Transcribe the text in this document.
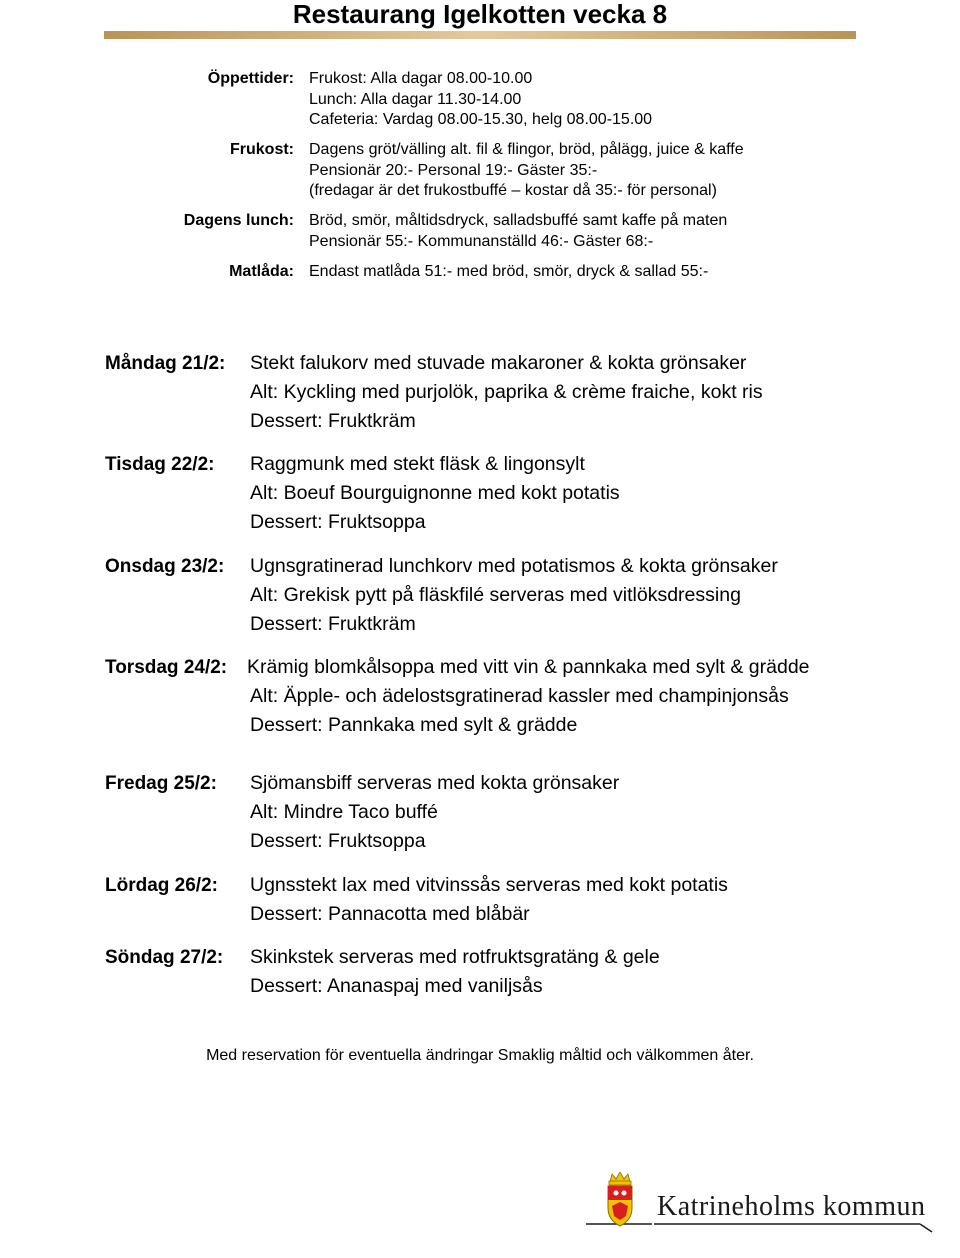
Restaurang Igelkotten vecka 8
Öppettider: Frukost: Alla dagar 08.00-10.00
Lunch: Alla dagar 11.30-14.00
Cafeteria: Vardag 08.00-15.30, helg 08.00-15.00
Frukost: Dagens gröt/välling alt. fil & flingor, bröd, pålägg, juice & kaffe
Pensionär 20:- Personal 19:- Gäster 35:-
(fredagar är det frukostbuffé – kostar då 35:- för personal)
Dagens lunch: Bröd, smör, måltidsdryck, salladsbuffé samt kaffe på maten
Pensionär 55:- Kommunanställd 46:- Gäster 68:-
Matlåda: Endast matlåda 51:- med bröd, smör, dryck & sallad 55:-
Måndag 21/2: Stekt falukorv med stuvade makaroner & kokta grönsaker
Alt: Kyckling med purjolök, paprika & crème fraiche, kokt ris
Dessert: Fruktkräm
Tisdag 22/2: Raggmunk med stekt fläsk & lingonsylt
Alt: Boeuf Bourguignonne med kokt potatis
Dessert: Fruktsoppa
Onsdag 23/2: Ugnsgratinerad lunchkorv med potatismos & kokta grönsaker
Alt: Grekisk pytt på fläskfilé serveras med vitlöksdressing
Dessert: Fruktkräm
Torsdag 24/2: Krämig blomkålsoppa med vitt vin & pannkaka med sylt & grädde
Alt: Äpple- och ädelostsgratinerad kassler med champinjonsås
Dessert: Pannkaka med sylt & grädde
Fredag 25/2: Sjömansbiff serveras med kokta grönsaker
Alt: Mindre Taco buffé
Dessert: Fruktsoppa
Lördag 26/2: Ugnsstekt lax med vitvinssås serveras med kokt potatis
Dessert: Pannacotta med blåbär
Söndag 27/2: Skinkstek serveras med rotfruktsgratäng & gele
Dessert: Ananaspaj med vaniljsås
Med reservation för eventuella ändringar Smaklig måltid och välkommen åter.
Katrineholms kommun
